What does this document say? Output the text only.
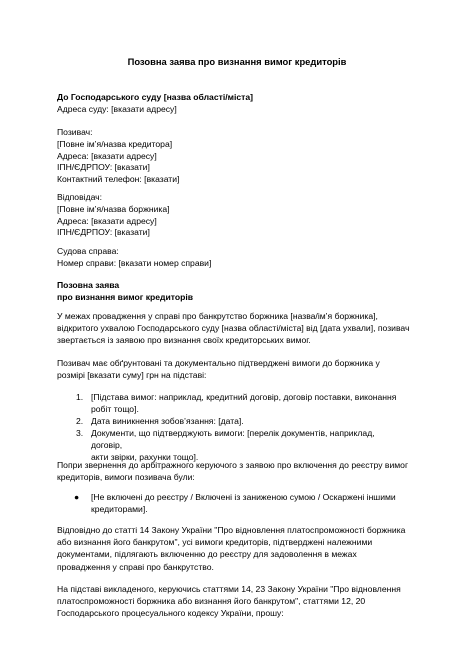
Позовна заява про визнання вимог кредиторів
До Господарського суду [назва області/міста]
Адреса суду: [вказати адресу]
Позивач:
[Повне ім’я/назва кредитора]
Адреса: [вказати адресу]
ІПН/ЄДРПОУ: [вказати]
Контактний телефон: [вказати]
Відповідач:
[Повне ім’я/назва боржника]
Адреса: [вказати адресу]
ІПН/ЄДРПОУ: [вказати]
Судова справа:
Номер справи: [вказати номер справи]
Позовна заява
про визнання вимог кредиторів
У межах провадження у справі про банкрутство боржника [назва/ім’я боржника],
відкритого ухвалою Господарського суду [назва області/міста] від [дата ухвали], позивач
звертається із заявою про визнання своїх кредиторських вимог.
Позивач має обґрунтовані та документально підтверджені вимоги до боржника у
розмірі [вказати суму] грн на підставі:
1. [Підстава вимог: наприклад, кредитний договір, договір поставки, виконання
робіт тощо].
2. Дата виникнення зобов’язання: [дата].
3. Документи, що підтверджують вимоги: [перелік документів, наприклад, договір,
акти звірки, рахунки тощо].
Попри звернення до арбітражного керуючого з заявою про включення до реєстру вимог
кредиторів, вимоги позивача були:
● [Не включені до реєстру / Включені із заниженою сумою / Оскаржені іншими
кредиторами].
Відповідно до статті 14 Закону України "Про відновлення платоспроможності боржника
або визнання його банкрутом", усі вимоги кредиторів, підтверджені належними
документами, підлягають включенню до реєстру для задоволення в межах
провадження у справі про банкрутство.
На підставі викладеного, керуючись статтями 14, 23 Закону України "Про відновлення
платоспроможності боржника або визнання його банкрутом", статтями 12, 20
Господарського процесуального кодексу України, прошу:
